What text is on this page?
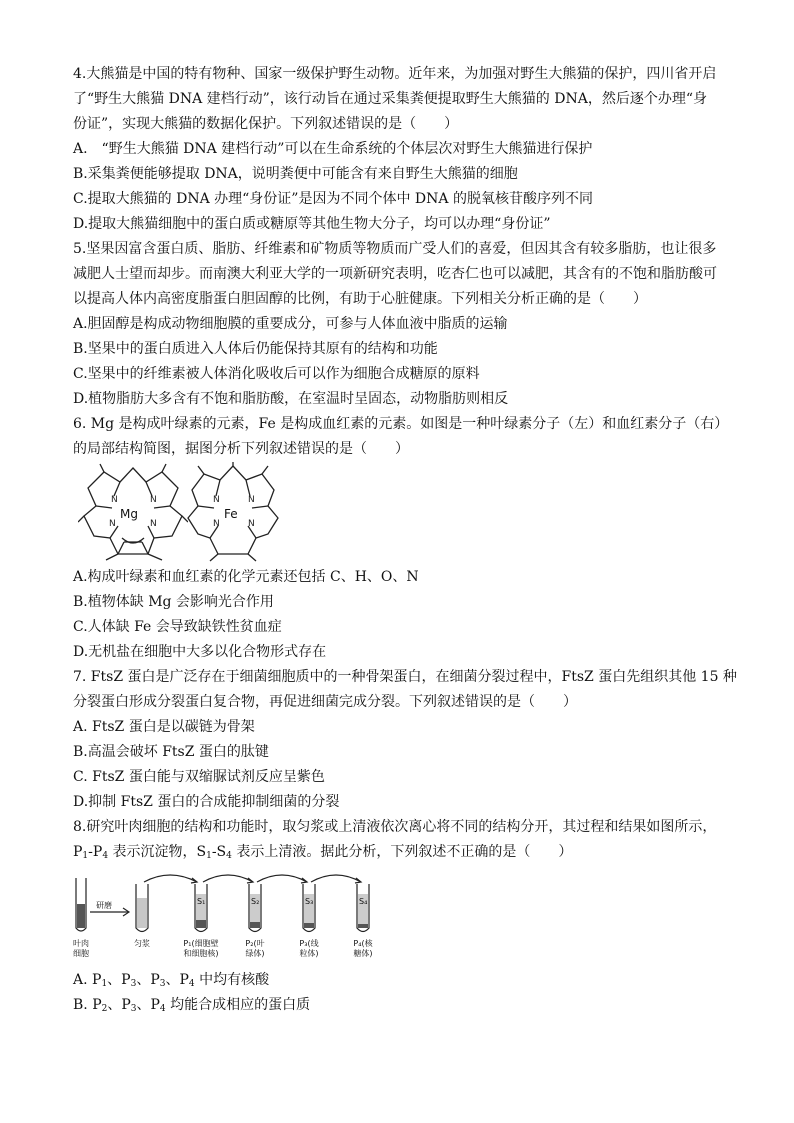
4.大熊猫是中国的特有物种、国家一级保护野生动物。近年来，为加强对野生大熊猫的保护，四川省开启
了“野生大熊猫 DNA 建档行动”，该行动旨在通过采集粪便提取野生大熊猫的 DNA，然后逐个办理“身
份证”，实现大熊猫的数据化保护。下列叙述错误的是（　　）
A.　“野生大熊猫 DNA 建档行动”可以在生命系统的个体层次对野生大熊猫进行保护
B.采集粪便能够提取 DNA，说明粪便中可能含有来自野生大熊猫的细胞
C.提取大熊猫的 DNA 办理“身份证”是因为不同个体中 DNA 的脱氧核苷酸序列不同
D.提取大熊猫细胞中的蛋白质或糖原等其他生物大分子，均可以办理“身份证”
5.坚果因富含蛋白质、脂肪、纤维素和矿物质等物质而广受人们的喜爱，但因其含有较多脂肪，也让很多
减肥人士望而却步。而南澳大利亚大学的一项新研究表明，吃杏仁也可以减肥，其含有的不饱和脂肪酸可
以提高人体内高密度脂蛋白胆固醇的比例，有助于心脏健康。下列相关分析正确的是（　　）
A.胆固醇是构成动物细胞膜的重要成分，可参与人体血液中脂质的运输
B.坚果中的蛋白质进入人体后仍能保持其原有的结构和功能
C.坚果中的纤维素被人体消化吸收后可以作为细胞合成糖原的原料
D.植物脂肪大多含有不饱和脂肪酸，在室温时呈固态，动物脂肪则相反
6. Mg 是构成叶绿素的元素，Fe 是构成血红素的元素。如图是一种叶绿素分子（左）和血红素分子（右）
的局部结构简图，据图分析下列叙述错误的是（　　）
N	N
N	N
Mg
N	N
N	N
Fe
A.构成叶绿素和血红素的化学元素还包括 C、H、O、N
B.植物体缺 Mg 会影响光合作用
C.人体缺 Fe 会导致缺铁性贫血症
D.无机盐在细胞中大多以化合物形式存在
7. FtsZ 蛋白是广泛存在于细菌细胞质中的一种骨架蛋白，在细菌分裂过程中，FtsZ 蛋白先组织其他 15 种
分裂蛋白形成分裂蛋白复合物，再促进细菌完成分裂。下列叙述错误的是（　　）
A. FtsZ 蛋白是以碳链为骨架
B.高温会破坏 FtsZ 蛋白的肽键
C. FtsZ 蛋白能与双缩脲试剂反应呈紫色
D.抑制 FtsZ 蛋白的合成能抑制细菌的分裂
8.研究叶肉细胞的结构和功能时，取匀浆或上清液依次离心将不同的结构分开，其过程和结果如图所示，
$P_1-P_4$ 表示沉淀物，$S_1-S_4$ 表示上清液。据此分析，下列叙述不正确的是（　　）
研磨	S₁	S₂	S₃	S₄
叶肉
细胞
匀浆	P₁(细胞壁
和细胞核)
P₂(叶
绿体)
P₃(线
粒体)
P₄(核
糖体)
A. $P_1$、$P_3$、$P_3$、$P_4$ 中均有核酸
B. $P_2$、$P_3$、$P_4$ 均能合成相应的蛋白质
